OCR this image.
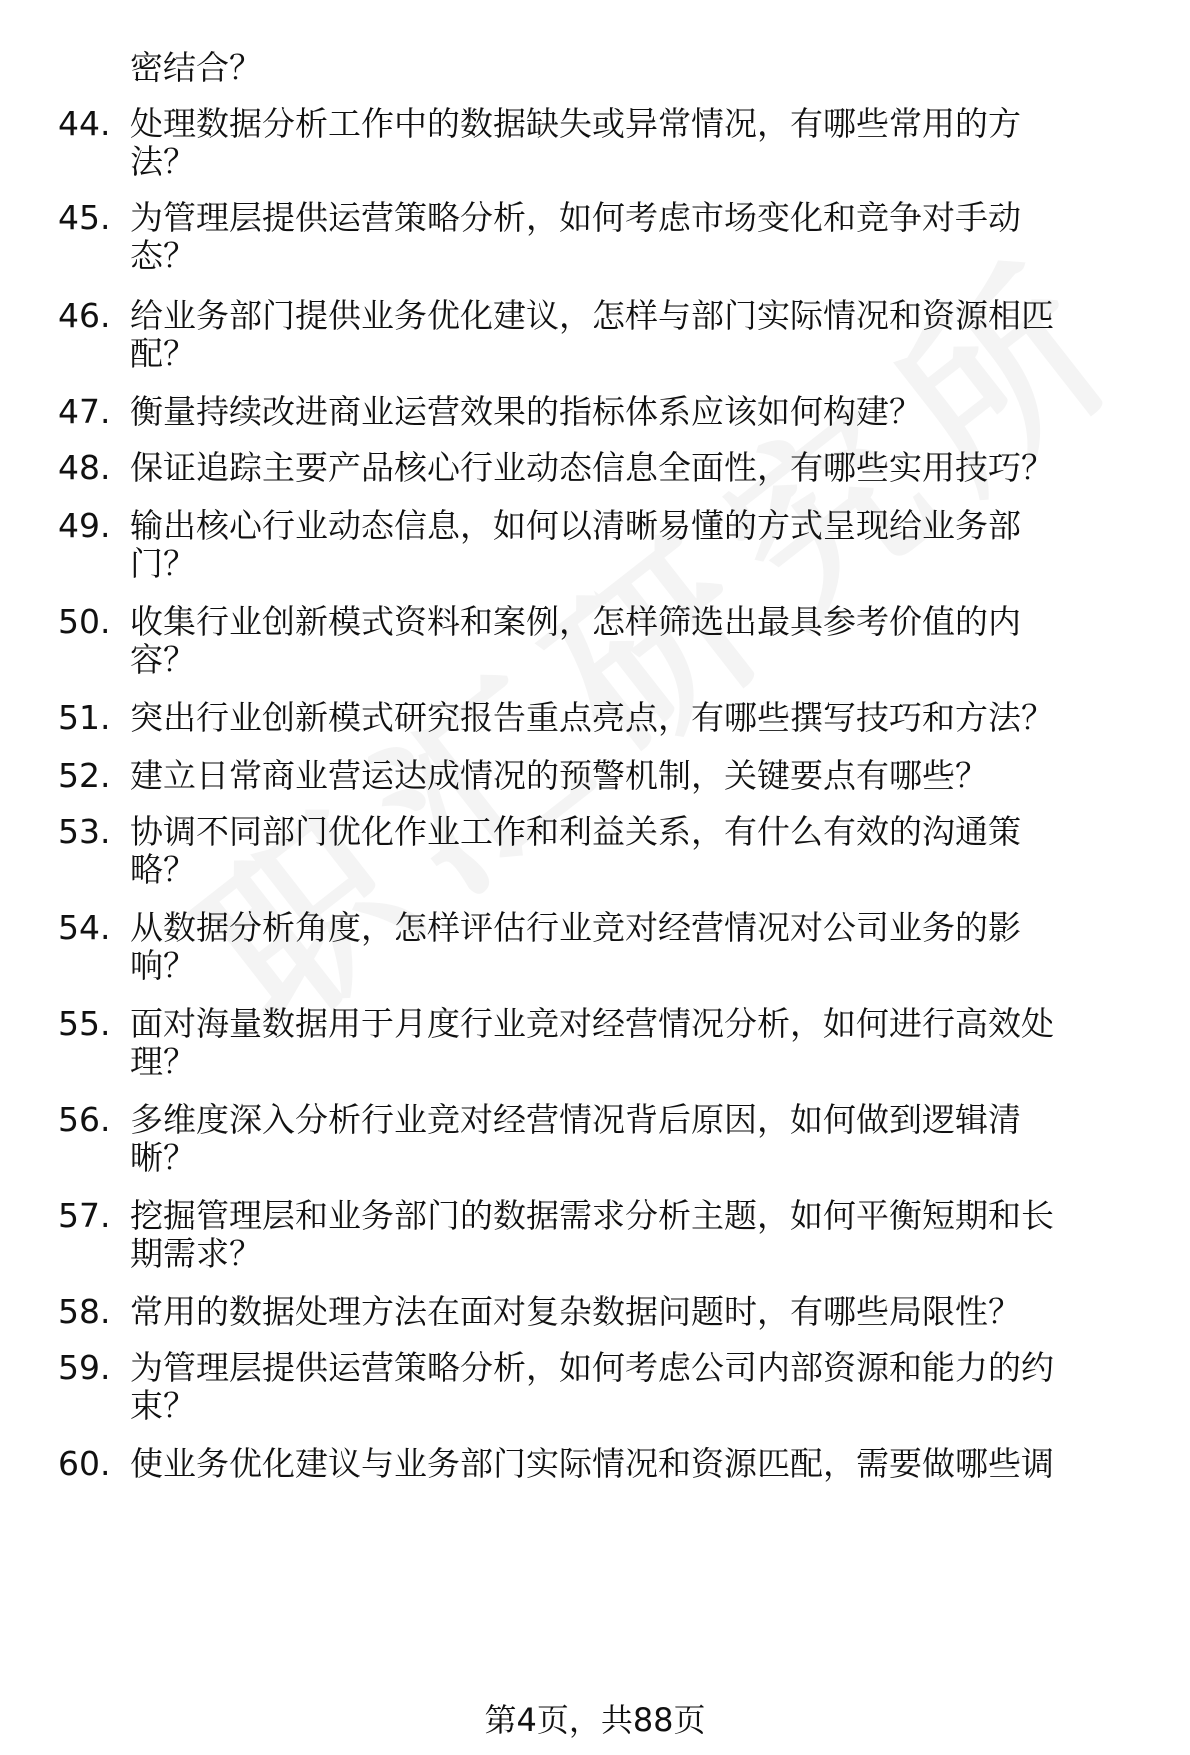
密结合？
44. 处理数据分析工作中的数据缺失或异常情况，有哪些常用的方
法？
45. 为管理层提供运营策略分析，如何考虑市场变化和竞争对手动
态？
46. 给业务部门提供业务优化建议，怎样与部门实际情况和资源相匹
配？
47. 衡量持续改进商业运营效果的指标体系应该如何构建？
48. 保证追踪主要产品核心行业动态信息全面性，有哪些实用技巧？
49. 输出核心行业动态信息，如何以清晰易懂的方式呈现给业务部
门？
50. 收集行业创新模式资料和案例，怎样筛选出最具参考价值的内
容？
51. 突出行业创新模式研究报告重点亮点，有哪些撰写技巧和方法？
52. 建立日常商业营运达成情况的预警机制，关键要点有哪些？
53. 协调不同部门优化作业工作和利益关系，有什么有效的沟通策
略？
54. 从数据分析角度，怎样评估行业竞对经营情况对公司业务的影
响？
55. 面对海量数据用于月度行业竞对经营情况分析，如何进行高效处
理？
56. 多维度深入分析行业竞对经营情况背后原因，如何做到逻辑清
晰？
57. 挖掘管理层和业务部门的数据需求分析主题，如何平衡短期和长
期需求？
58. 常用的数据处理方法在面对复杂数据问题时，有哪些局限性？
59. 为管理层提供运营策略分析，如何考虑公司内部资源和能力的约
束？
60. 使业务优化建议与业务部门实际情况和资源匹配，需要做哪些调
第4页，共88页
